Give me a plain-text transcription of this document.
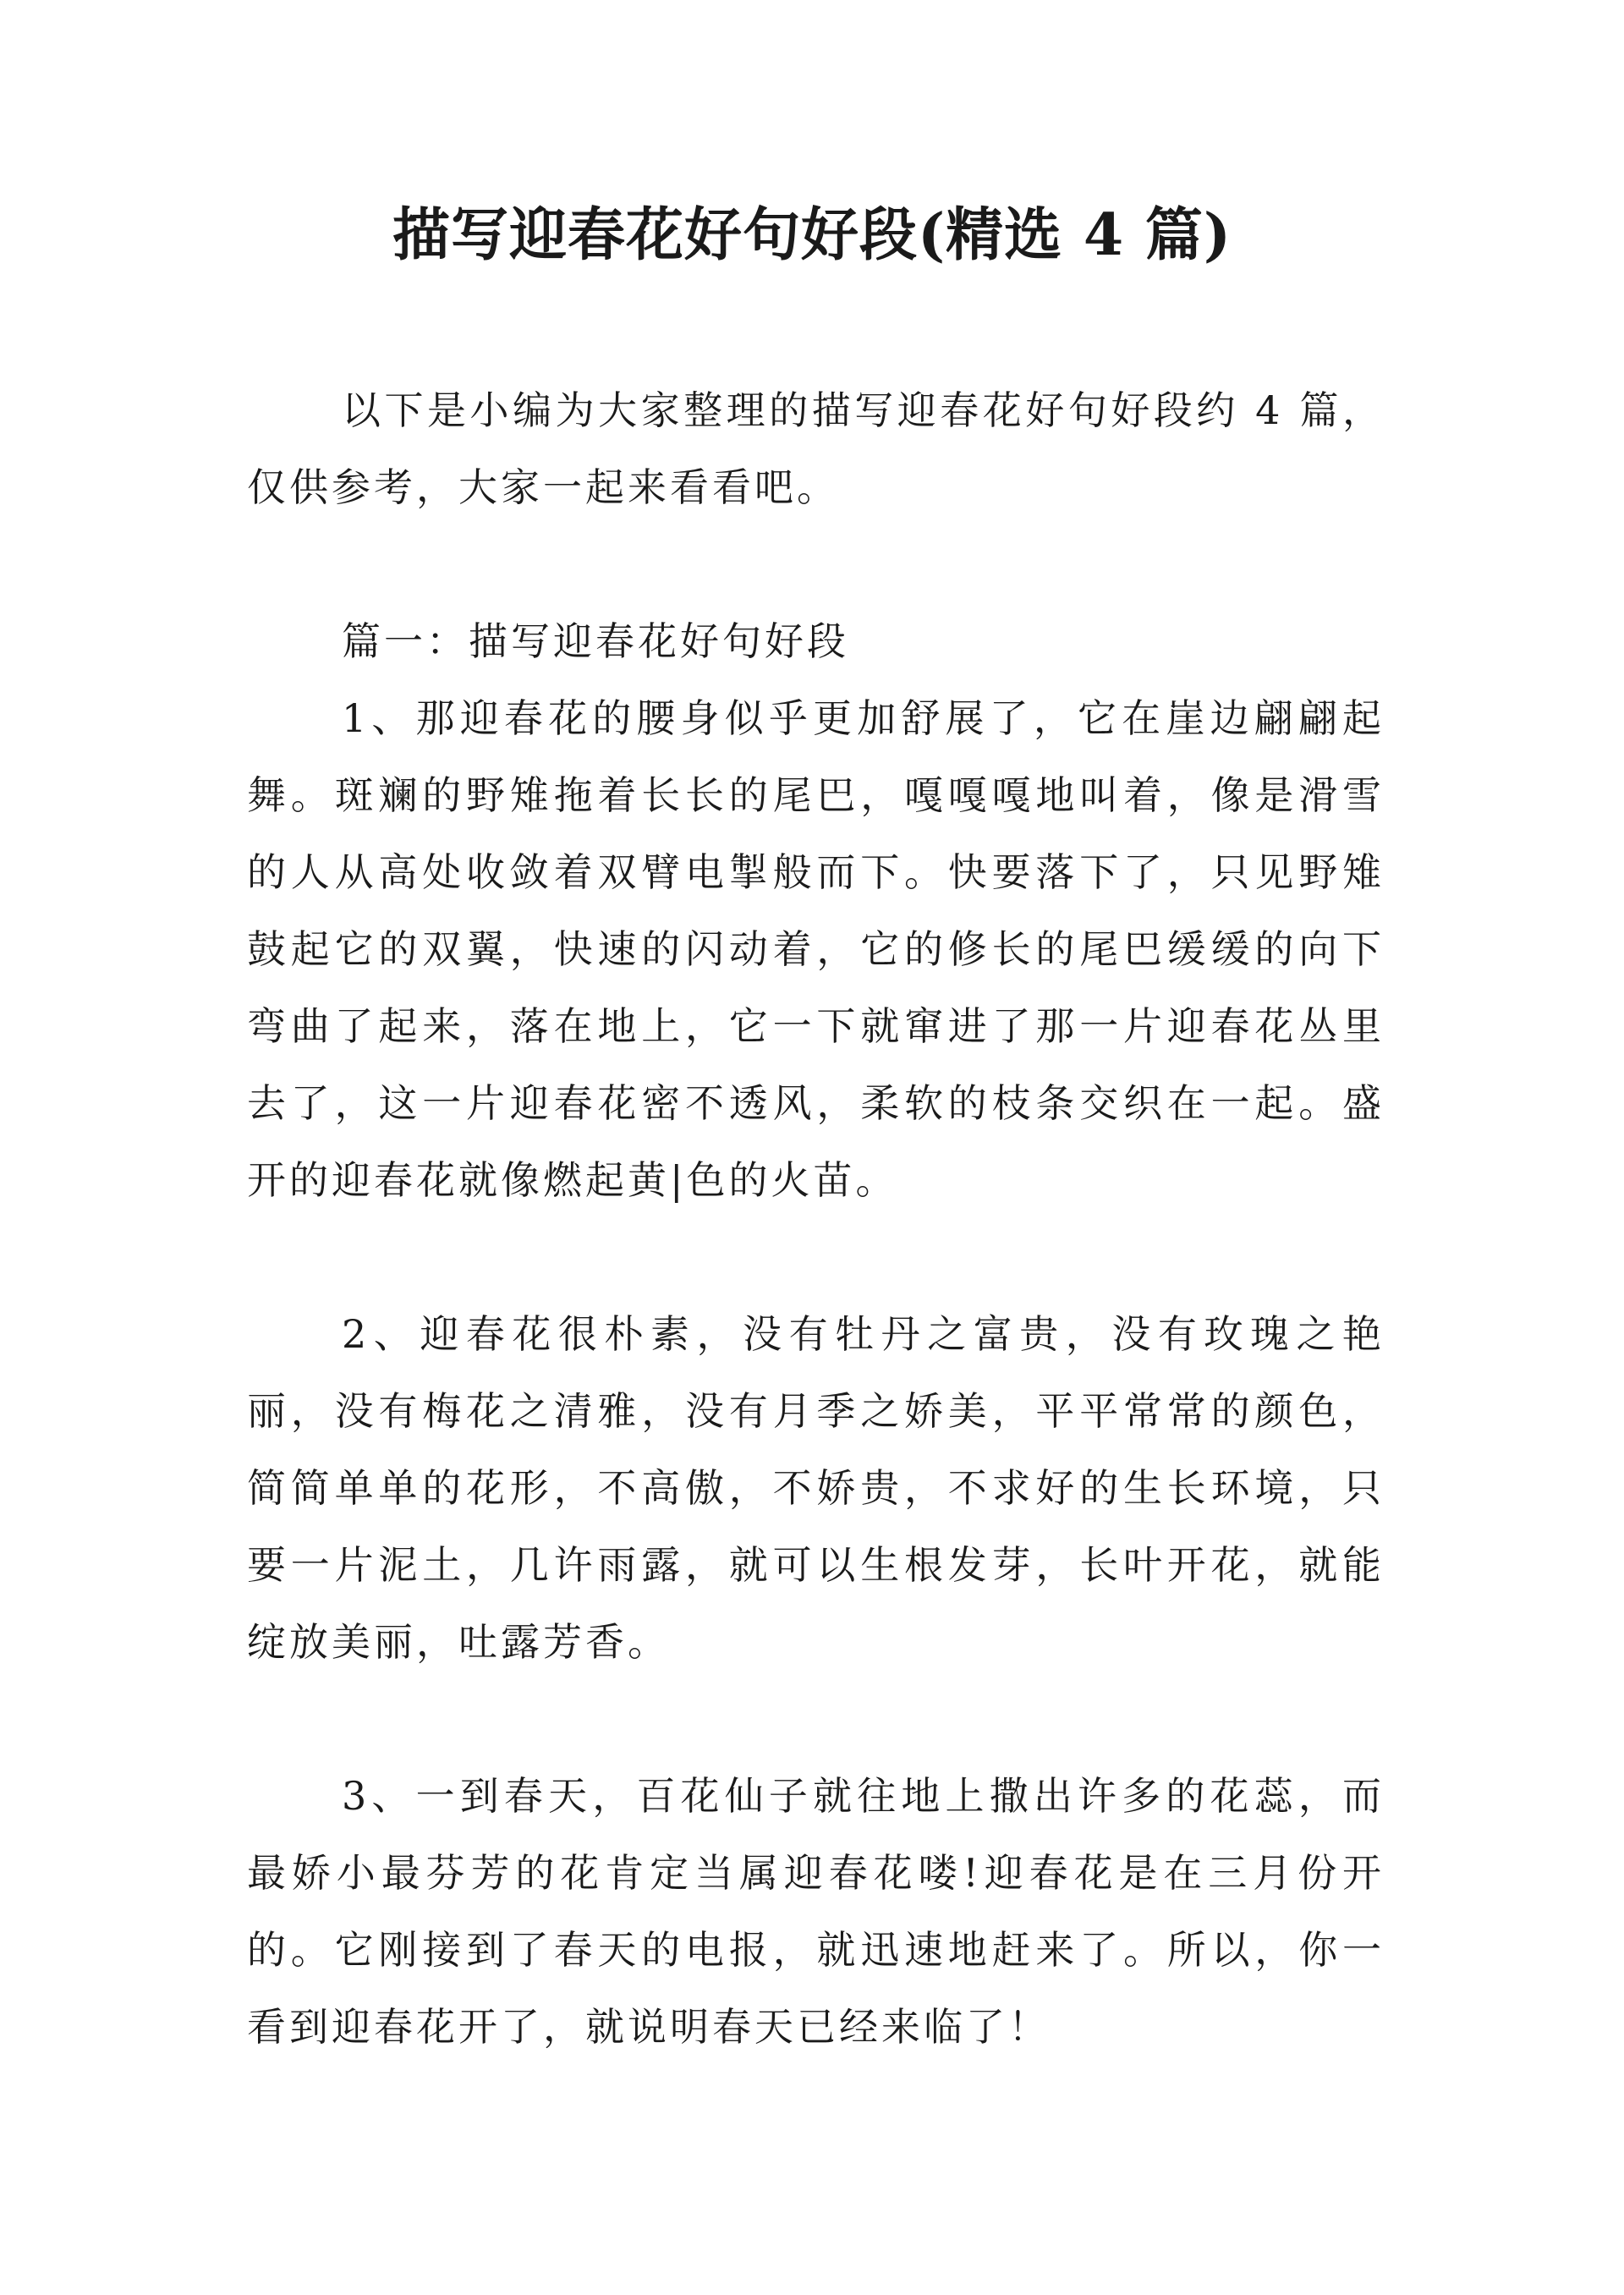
描写迎春花好句好段(精选 4 篇)

以下是小编为大家整理的描写迎春花好句好段约 4 篇，仅供参考，大家一起来看看吧。

篇一：描写迎春花好句好段

1、那迎春花的腰身似乎更加舒展了，它在崖边翩翩起舞。斑斓的野雉拖着长长的尾巴，嘎嘎嘎地叫着，像是滑雪的人从高处收敛着双臂电掣般而下。快要落下了，只见野雉鼓起它的双翼，快速的闪动着，它的修长的尾巴缓缓的向下弯曲了起来，落在地上，它一下就窜进了那一片迎春花丛里去了，这一片迎春花密不透风，柔软的枝条交织在一起。盛开的迎春花就像燃起黄|色的火苗。

2、迎春花很朴素，没有牡丹之富贵，没有玫瑰之艳丽，没有梅花之清雅，没有月季之娇美，平平常常的颜色，简简单单的花形，不高傲，不娇贵，不求好的生长环境，只要一片泥土，几许雨露，就可以生根发芽，长叶开花，就能绽放美丽，吐露芳香。

3、一到春天，百花仙子就往地上撒出许多的花蕊，而最娇小最芬芳的花肯定当属迎春花喽!迎春花是在三月份开的。它刚接到了春天的电报，就迅速地赶来了。所以，你一看到迎春花开了，就说明春天已经来临了！
